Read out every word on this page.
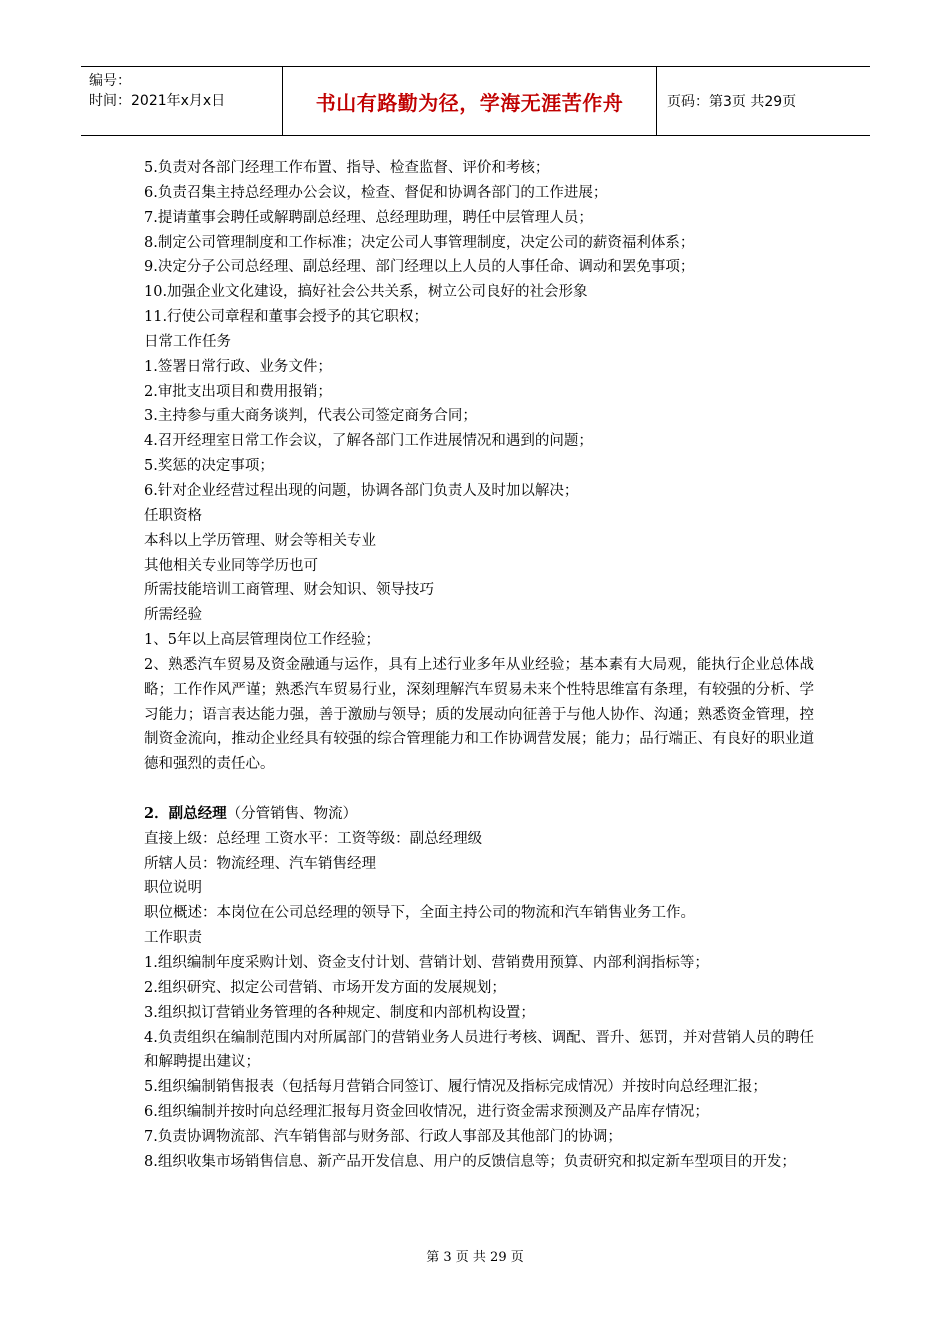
编号：
时间：2021年x月x日	书山有路勤为径，学海无涯苦作舟	页码：第3页 共29页

5.负责对各部门经理工作布置、指导、检查监督、评价和考核；

6.负责召集主持总经理办公会议，检查、督促和协调各部门的工作进展；

7.提请董事会聘任或解聘副总经理、总经理助理，聘任中层管理人员；

8.制定公司管理制度和工作标准；决定公司人事管理制度，决定公司的薪资福利体系；

9.决定分子公司总经理、副总经理、部门经理以上人员的人事任命、调动和罢免事项；

10.加强企业文化建设，搞好社会公共关系，树立公司良好的社会形象

11.行使公司章程和董事会授予的其它职权；

日常工作任务

1.签署日常行政、业务文件；

2.审批支出项目和费用报销；

3.主持参与重大商务谈判，代表公司签定商务合同；

4.召开经理室日常工作会议，了解各部门工作进展情况和遇到的问题；

5.奖惩的决定事项；

6.针对企业经营过程出现的问题，协调各部门负责人及时加以解决；

任职资格

本科以上学历管理、财会等相关专业

其他相关专业同等学历也可

所需技能培训工商管理、财会知识、领导技巧

所需经验

1、5年以上高层管理岗位工作经验；

2、熟悉汽车贸易及资金融通与运作，具有上述行业多年从业经验；基本素有大局观，能执行企业总体战略；工作作风严谨；熟悉汽车贸易行业，深刻理解汽车贸易未来个性特思维富有条理，有较强的分析、学习能力；语言表达能力强，善于激励与领导；质的发展动向征善于与他人协作、沟通；熟悉资金管理，控制资金流向，推动企业经具有较强的综合管理能力和工作协调营发展；能力；品行端正、有良好的职业道德和强烈的责任心。

2．副总经理（分管销售、物流）

直接上级：总经理 工资水平：工资等级：副总经理级

所辖人员：物流经理、汽车销售经理

职位说明

职位概述：本岗位在公司总经理的领导下，全面主持公司的物流和汽车销售业务工作。

工作职责

1.组织编制年度采购计划、资金支付计划、营销计划、营销费用预算、内部利润指标等；

2.组织研究、拟定公司营销、市场开发方面的发展规划；

3.组织拟订营销业务管理的各种规定、制度和内部机构设置；

4.负责组织在编制范围内对所属部门的营销业务人员进行考核、调配、晋升、惩罚，并对营销人员的聘任和解聘提出建议；

5.组织编制销售报表（包括每月营销合同签订、履行情况及指标完成情况）并按时向总经理汇报；

6.组织编制并按时向总经理汇报每月资金回收情况，进行资金需求预测及产品库存情况；

7.负责协调物流部、汽车销售部与财务部、行政人事部及其他部门的协调；

8.组织收集市场销售信息、新产品开发信息、用户的反馈信息等；负责研究和拟定新车型项目的开发；

第 3 页 共 29 页
